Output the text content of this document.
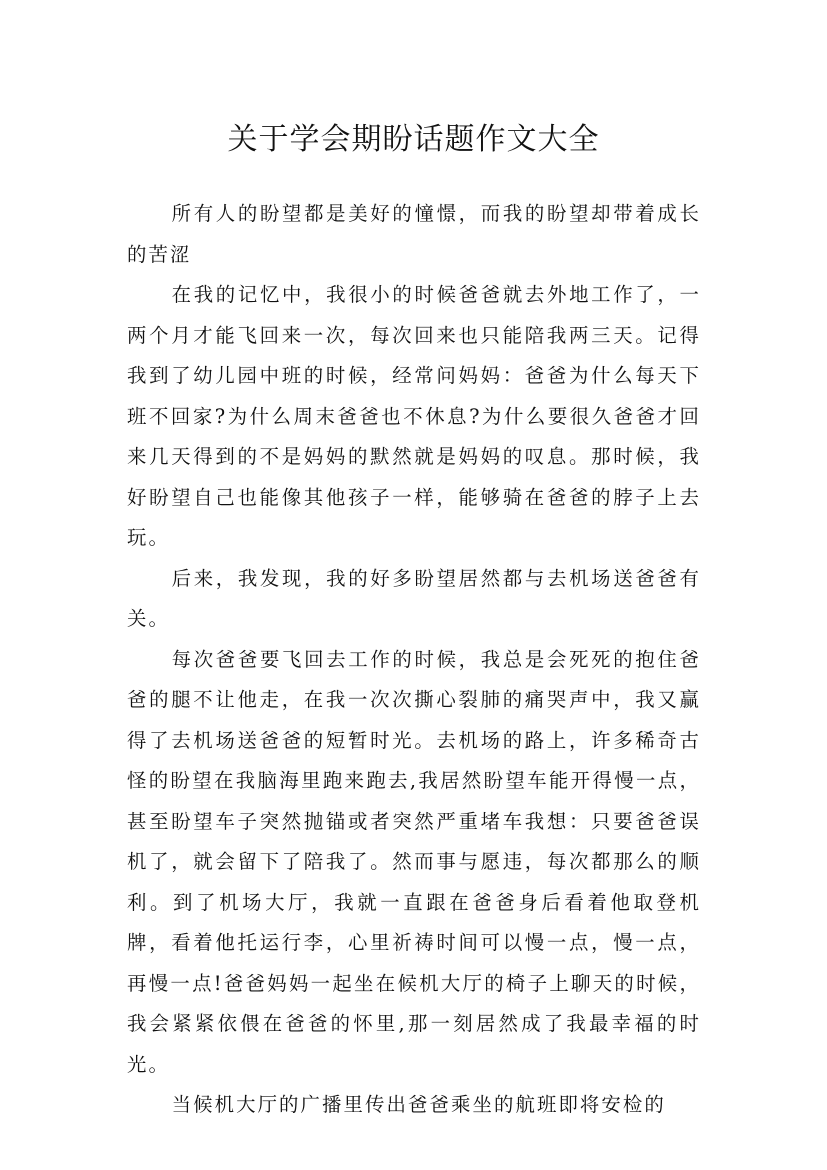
关于学会期盼话题作文大全

所有人的盼望都是美好的憧憬，而我的盼望却带着成长的苦涩

在我的记忆中，我很小的时候爸爸就去外地工作了，一两个月才能飞回来一次，每次回来也只能陪我两三天。记得我到了幼儿园中班的时候，经常问妈妈：爸爸为什么每天下班不回家?为什么周末爸爸也不休息?为什么要很久爸爸才回来几天得到的不是妈妈的默然就是妈妈的叹息。那时候，我好盼望自己也能像其他孩子一样，能够骑在爸爸的脖子上去玩。

后来，我发现，我的好多盼望居然都与去机场送爸爸有关。

每次爸爸要飞回去工作的时候，我总是会死死的抱住爸爸的腿不让他走，在我一次次撕心裂肺的痛哭声中，我又赢得了去机场送爸爸的短暂时光。去机场的路上，许多稀奇古怪的盼望在我脑海里跑来跑去,我居然盼望车能开得慢一点，甚至盼望车子突然抛锚或者突然严重堵车我想：只要爸爸误机了，就会留下了陪我了。然而事与愿违，每次都那么的顺利。到了机场大厅，我就一直跟在爸爸身后看着他取登机牌，看着他托运行李，心里祈祷时间可以慢一点，慢一点，再慢一点!爸爸妈妈一起坐在候机大厅的椅子上聊天的时候，我会紧紧依偎在爸爸的怀里,那一刻居然成了我最幸福的时光。

当候机大厅的广播里传出爸爸乘坐的航班即将安检的
